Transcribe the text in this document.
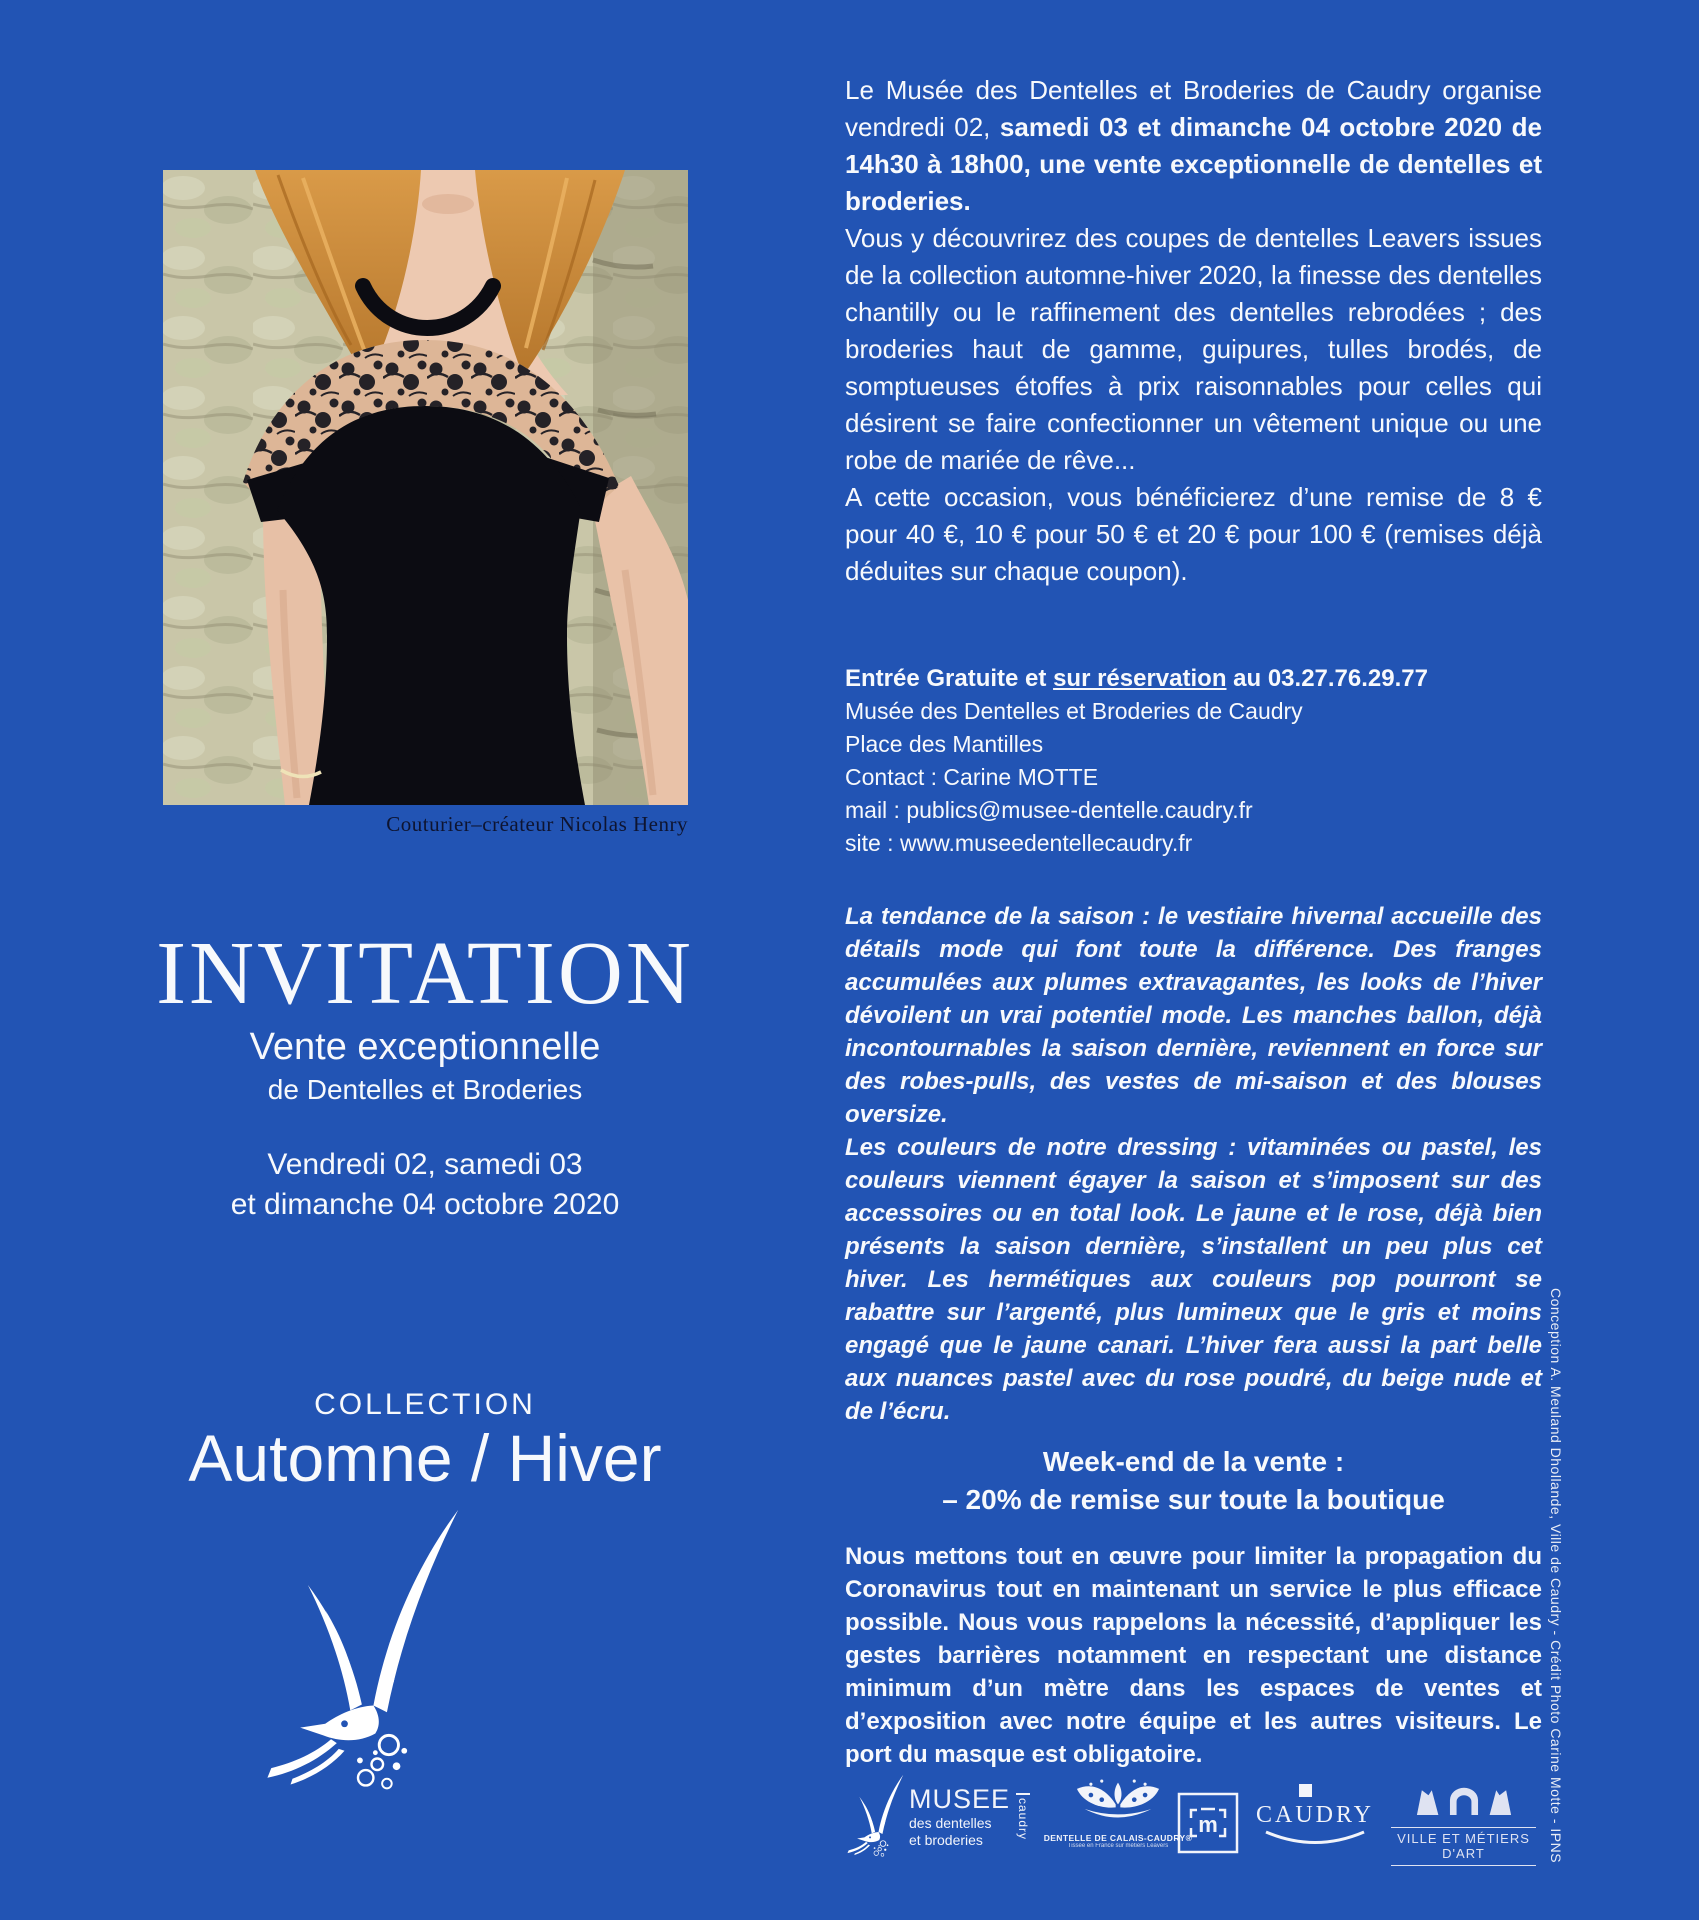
Couturier–créateur Nicolas Henry
INVITATION
Vente exceptionnelle
de Dentelles et Broderies
Vendredi 02, samedi 03
et dimanche 04 octobre 2020
COLLECTION
Automne / Hiver

Le Musée des Dentelles et Broderies de Caudry organise vendredi 02, samedi 03 et dimanche 04 octobre 2020 de 14h30 à 18h00, une vente exceptionnelle de dentelles et broderies.

Vous y découvrirez des coupes de dentelles Leavers issues de la collection automne-hiver 2020, la finesse des dentelles chantilly ou le raffinement des dentelles rebrodées ; des broderies haut de gamme, guipures, tulles brodés, de somptueuses étoffes à prix raisonnables pour celles qui désirent se faire confectionner un vêtement unique ou une robe de mariée de rêve...

A cette occasion, vous bénéficierez d’une remise de 8 € pour 40 €, 10 € pour 50 € et 20 € pour 100 € (remises déjà déduites sur chaque coupon).

Entrée Gratuite et sur réservation au 03.27.76.29.77
Musée des Dentelles et Broderies de Caudry
Place des Mantilles
Contact : Carine MOTTE
mail : publics@musee-dentelle.caudry.fr
site : www.museedentellecaudry.fr

La tendance de la saison : le vestiaire hivernal accueille des détails mode qui font toute la différence. Des franges accumulées aux plumes extravagantes, les looks de l’hiver dévoilent un vrai potentiel mode. Les manches ballon, déjà incontournables la saison dernière, reviennent en force sur des robes-pulls, des vestes de mi-saison et des blouses oversize.

Les couleurs de notre dressing : vitaminées ou pastel, les couleurs viennent égayer la saison et s’imposent sur des accessoires ou en total look. Le jaune et le rose, déjà bien présents la saison dernière, s’installent un peu plus cet hiver. Les hermétiques aux couleurs pop pourront se rabattre sur l’argenté, plus lumineux que le gris et moins engagé que le jaune canari. L’hiver fera aussi la part belle aux nuances pastel avec du rose poudré, du beige nude et de l’écru.

Week-end de la vente :
– 20% de remise sur toute la boutique
Nous mettons tout en œuvre pour limiter la propagation du Coronavirus tout en maintenant un service le plus efficace possible. Nous vous rappelons la nécessité, d’appliquer les gestes barrières notamment en respectant une distance minimum d’un mètre dans les espaces de ventes et d’exposition avec notre équipe et les autres visiteurs. Le port du masque est obligatoire.
MUSEE
des dentelles
et broderies	caudry DENTELLE DE CALAIS-CAUDRY®
Tissée en France sur métiers Leavers
m CAUDRY
VILLE ET MÉTIERS D'ART	Conception A. Meuland Dhollande, Ville de Caudry - Crédit Photo Carine Motte - IPNS
